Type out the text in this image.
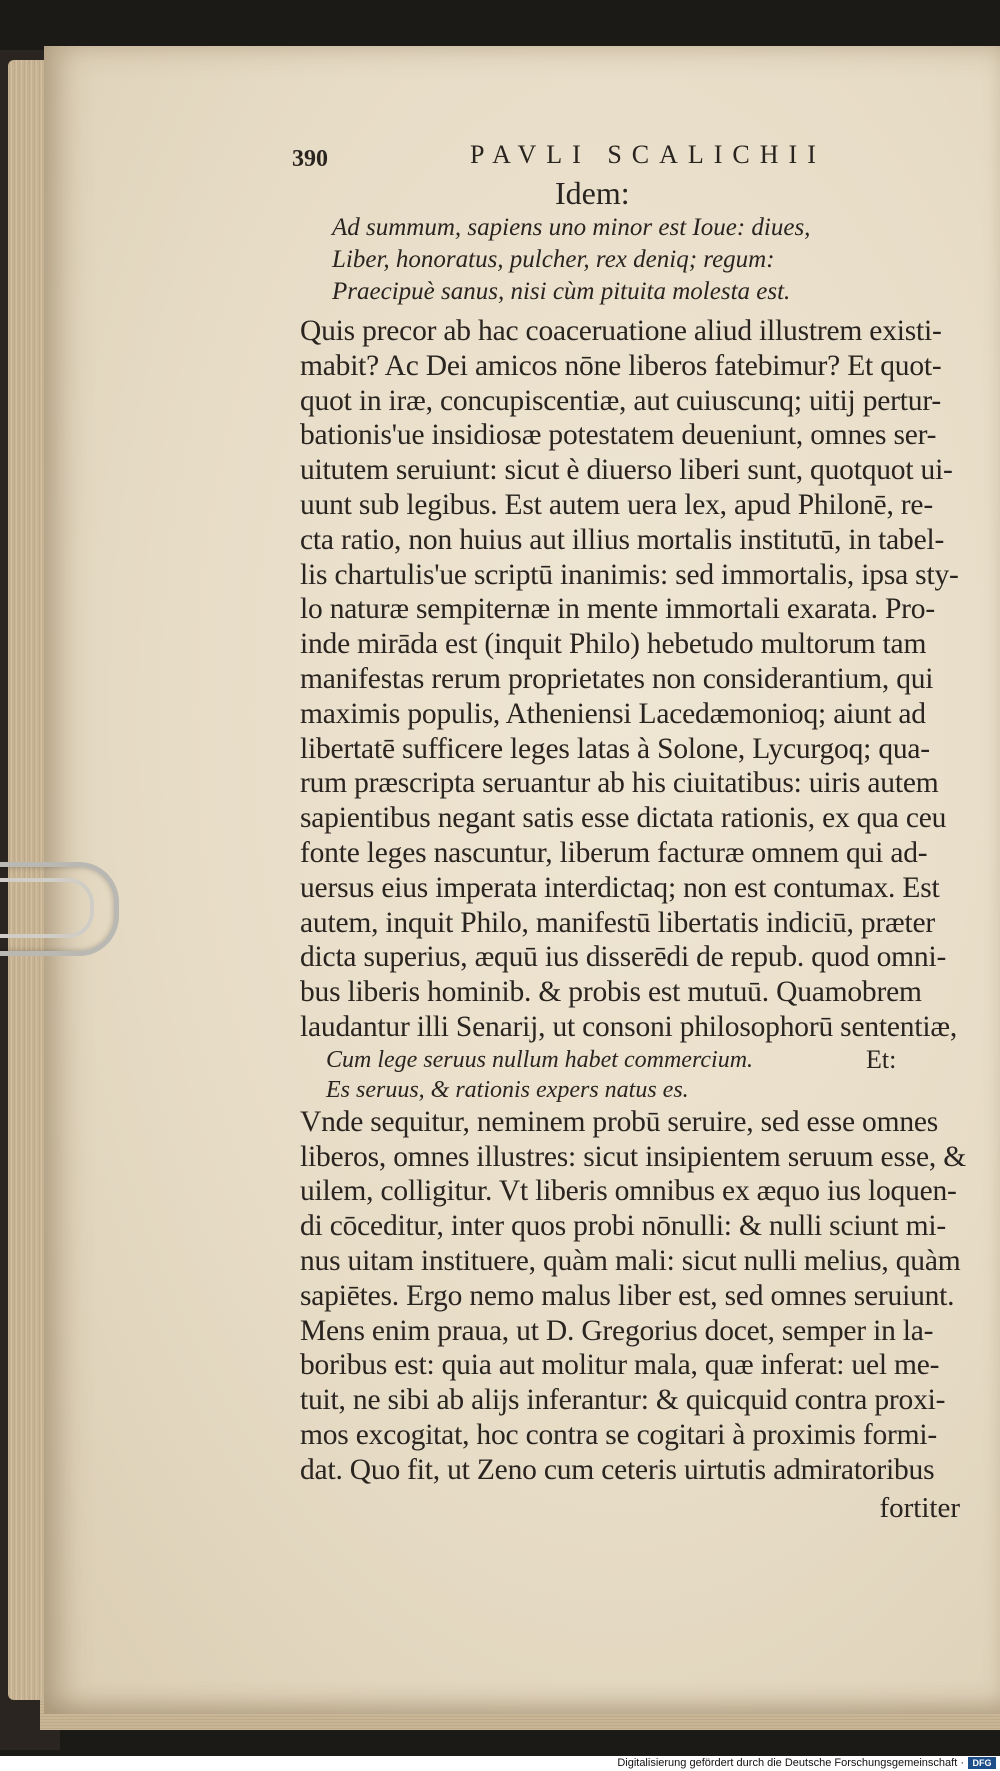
390	PAVLI SCALICHII
Idem:
Ad summum, sapiens uno minor est Ioue: diues,
Liber, honoratus, pulcher, rex deniq; regum:
Praecipuè sanus, nisi cùm pituita molesta est.
Quis precor ab hac coaceruatione aliud illustrem existi-
mabit? Ac Dei amicos nōne liberos fatebimur? Et quot-
quot in iræ, concupiscentiæ, aut cuiuscunq; uitij pertur-
bationis'ue insidiosæ potestatem deueniunt, omnes ser-
uitutem seruiunt: sicut è diuerso liberi sunt, quotquot ui-
uunt sub legibus. Est autem uera lex, apud Philonē, re-
cta ratio, non huius aut illius mortalis institutū, in tabel-
lis chartulis'ue scriptū inanimis: sed immortalis, ipsa sty-
lo naturæ sempiternæ in mente immortali exarata. Pro-
inde mirāda est (inquit Philo) hebetudo multorum tam
manifestas rerum proprietates non considerantium, qui
maximis populis, Atheniensi Lacedæmonioq; aiunt ad
libertatē sufficere leges latas à Solone, Lycurgoq; qua-
rum præscripta seruantur ab his ciuitatibus: uiris autem
sapientibus negant satis esse dictata rationis, ex qua ceu
fonte leges nascuntur, liberum facturæ omnem qui ad-
uersus eius imperata interdictaq; non est contumax. Est
autem, inquit Philo, manifestū libertatis indiciū, præter
dicta superius, æquū ius disserēdi de repub. quod omni-
bus liberis hominib. & probis est mutuū. Quamobrem
laudantur illi Senarij, ut consoni philosophorū sententiæ,
Cum lege seruus nullum habet commercium.	Et:
Es seruus, & rationis expers natus es.
Vnde sequitur, neminem probū seruire, sed esse omnes
liberos, omnes illustres: sicut insipientem seruum esse, &
uilem, colligitur. Vt liberis omnibus ex æquo ius loquen-
di cōceditur, inter quos probi nōnulli: & nulli sciunt mi-
nus uitam instituere, quàm mali: sicut nulli melius, quàm
sapiētes. Ergo nemo malus liber est, sed omnes seruiunt.
Mens enim praua, ut D. Gregorius docet, semper in la-
boribus est: quia aut molitur mala, quæ inferat: uel me-
tuit, ne sibi ab alijs inferantur: & quicquid contra proxi-
mos excogitat, hoc contra se cogitari à proximis formi-
dat. Quo fit, ut Zeno cum ceteris uirtutis admiratoribus
fortiter
Digitalisierung gefördert durch die Deutsche Forschungsgemeinschaft · DFG
